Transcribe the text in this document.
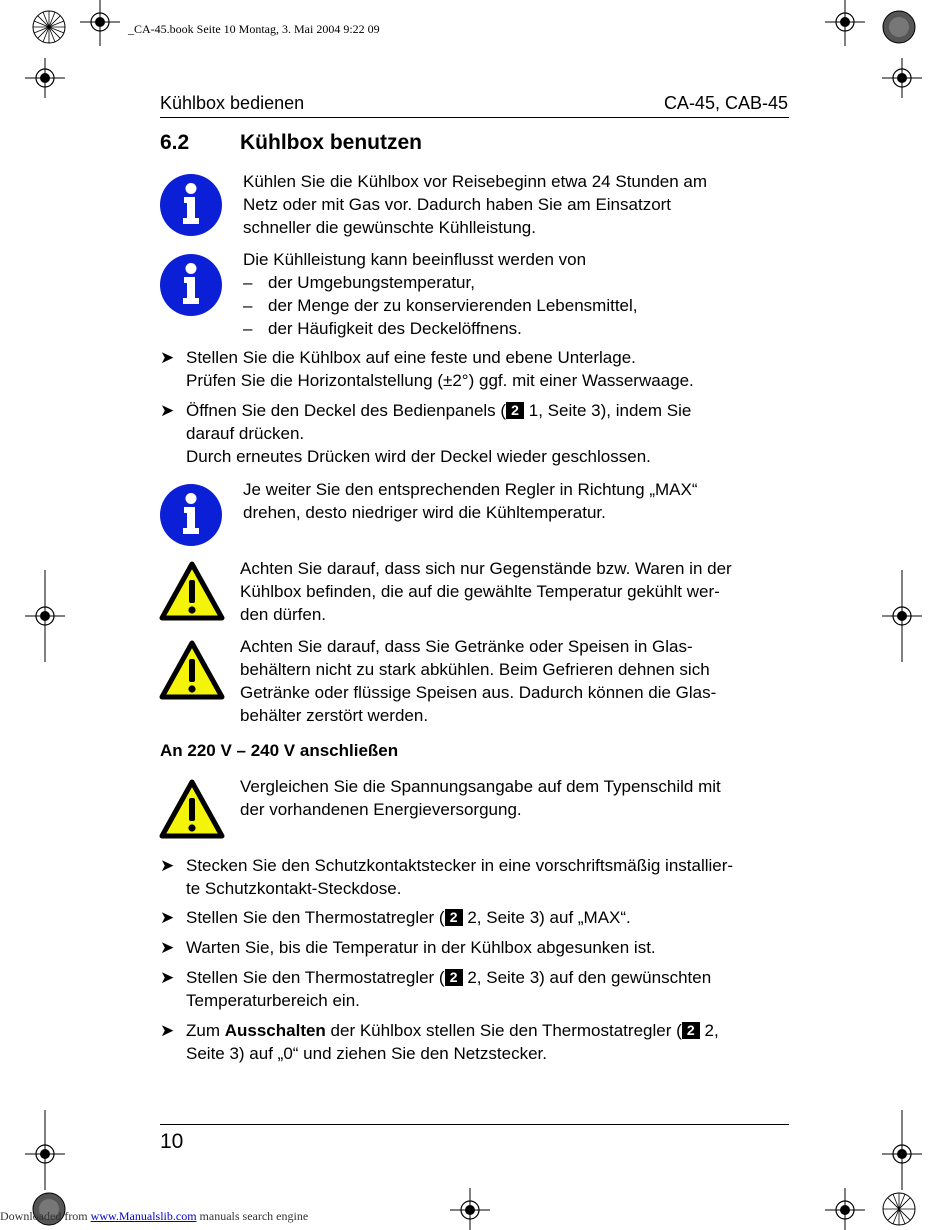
_CA-45.book Seite 10 Montag, 3. Mai 2004 9:22 09
Kühlbox bedienen	CA-45, CAB-45
6.2 Kühlbox benutzen
Kühlen Sie die Kühlbox vor Reisebeginn etwa 24 Stunden am
Netz oder mit Gas vor. Dadurch haben Sie am Einsatzort
schneller die gewünschte Kühlleistung.
Die Kühlleistung kann beeinflusst werden von
– der Umgebungstemperatur,
– der Menge der zu konservierenden Lebensmittel,
– der Häufigkeit des Deckelöffnens.
➤ Stellen Sie die Kühlbox auf eine feste und ebene Unterlage.
Prüfen Sie die Horizontalstellung (±2°) ggf. mit einer Wasserwaage.
➤ Öffnen Sie den Deckel des Bedienpanels ( 2 1, Seite 3), indem Sie
darauf drücken.
Durch erneutes Drücken wird der Deckel wieder geschlossen.
Je weiter Sie den entsprechenden Regler in Richtung „MAX“
drehen, desto niedriger wird die Kühltemperatur.
Achten Sie darauf, dass sich nur Gegenstände bzw. Waren in der
Kühlbox befinden, die auf die gewählte Temperatur gekühlt wer-
den dürfen.
Achten Sie darauf, dass Sie Getränke oder Speisen in Glas-
behältern nicht zu stark abkühlen. Beim Gefrieren dehnen sich
Getränke oder flüssige Speisen aus. Dadurch können die Glas-
behälter zerstört werden.
An 220 V – 240 V anschließen
Vergleichen Sie die Spannungsangabe auf dem Typenschild mit
der vorhandenen Energieversorgung.
➤ Stecken Sie den Schutzkontaktstecker in eine vorschriftsmäßig installier-
te Schutzkontakt-Steckdose.
➤ Stellen Sie den Thermostatregler ( 2 2, Seite 3) auf „MAX“.
➤ Warten Sie, bis die Temperatur in der Kühlbox abgesunken ist.
➤ Stellen Sie den Thermostatregler ( 2 2, Seite 3) auf den gewünschten
Temperaturbereich ein.
➤ Zum Ausschalten der Kühlbox stellen Sie den Thermostatregler ( 2 2,
Seite 3) auf „0“ und ziehen Sie den Netzstecker.
10
Downloaded from www.Manualslib.com manuals search engine
